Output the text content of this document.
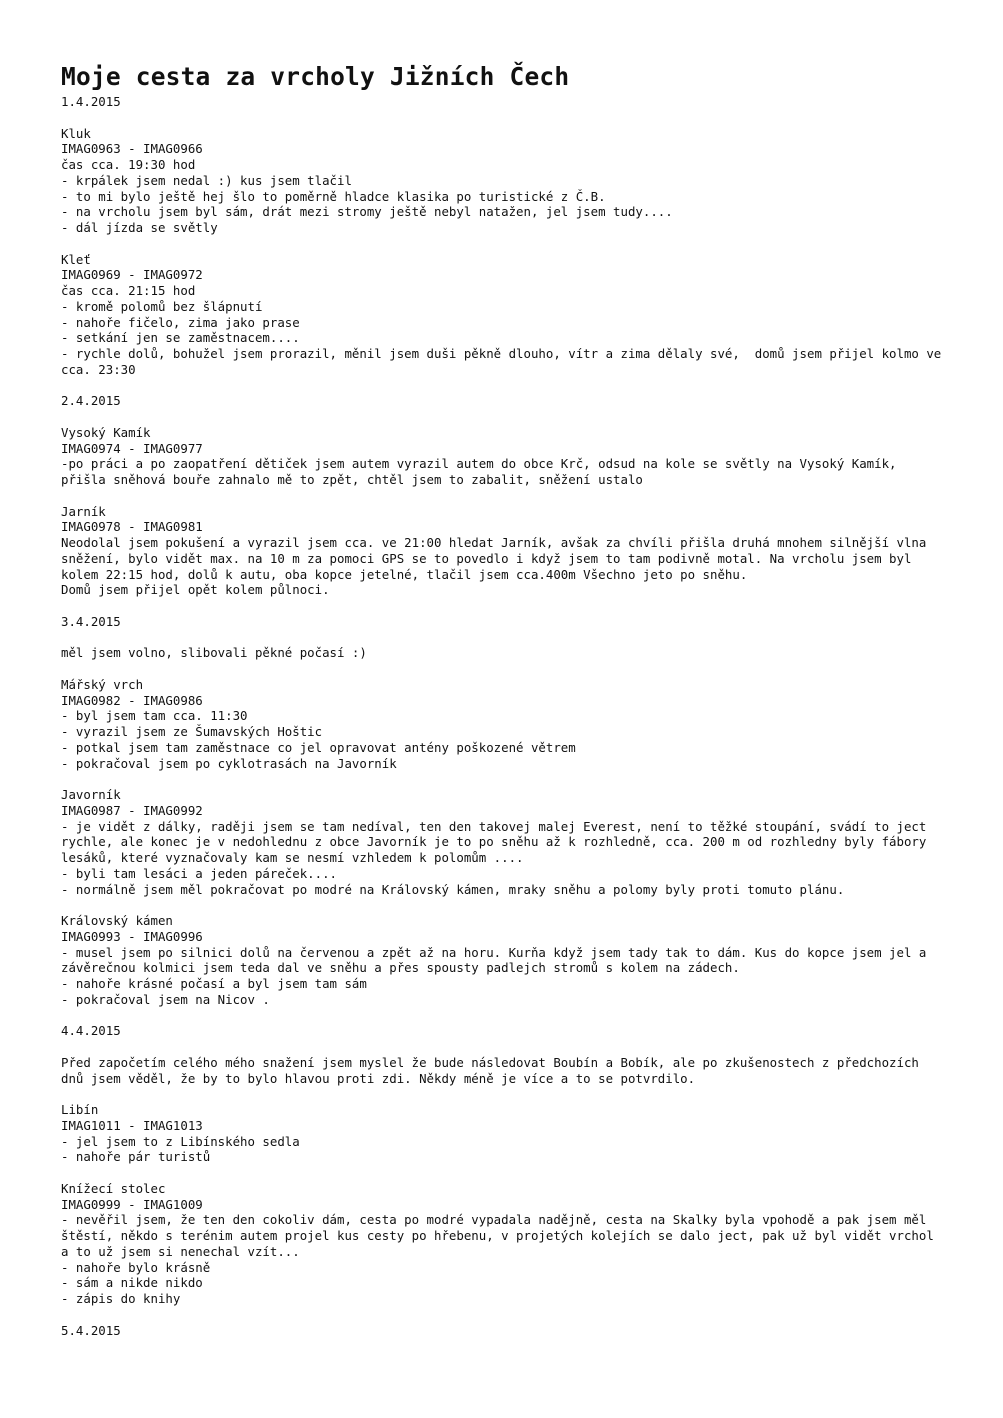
Moje cesta za vrcholy Jižních Čech
1.4.2015
Kluk
IMAG0963 - IMAG0966
čas cca. 19:30 hod
- krpálek jsem nedal :) kus jsem tlačil
- to mi bylo ještě hej šlo to poměrně hladce klasika po turistické z Č.B.
- na vrcholu jsem byl sám, drát mezi stromy ještě nebyl natažen, jel jsem tudy....
- dál jízda se světly
Kleť
IMAG0969 - IMAG0972
čas cca. 21:15 hod
- kromě polomů bez šlápnutí
- nahoře fičelo, zima jako prase
- setkání jen se zaměstnacem....
- rychle dolů, bohužel jsem prorazil, měnil jsem duši pěkně dlouho, vítr a zima dělaly své,  domů jsem přijel kolmo ve
cca. 23:30
2.4.2015
Vysoký Kamík
IMAG0974 - IMAG0977
-po práci a po zaopatření dětiček jsem autem vyrazil autem do obce Krč, odsud na kole se světly na Vysoký Kamík,
přišla sněhová bouře zahnalo mě to zpět, chtěl jsem to zabalit, sněžení ustalo
Jarník
IMAG0978 - IMAG0981
Neodolal jsem pokušení a vyrazil jsem cca. ve 21:00 hledat Jarník, avšak za chvíli přišla druhá mnohem silnější vlna
sněžení, bylo vidět max. na 10 m za pomoci GPS se to povedlo i když jsem to tam podivně motal. Na vrcholu jsem byl
kolem 22:15 hod, dolů k autu, oba kopce jetelné, tlačil jsem cca.400m Všechno jeto po sněhu.
Domů jsem přijel opět kolem půlnoci.
3.4.2015
měl jsem volno, slibovali pěkné počasí :)
Mářský vrch
IMAG0982 - IMAG0986
- byl jsem tam cca. 11:30
- vyrazil jsem ze Šumavských Hoštic
- potkal jsem tam zaměstnace co jel opravovat antény poškozené větrem
- pokračoval jsem po cyklotrasách na Javorník
Javorník
IMAG0987 - IMAG0992
- je vidět z dálky, raději jsem se tam nedíval, ten den takovej malej Everest, není to těžké stoupání, svádí to ject
rychle, ale konec je v nedohlednu z obce Javorník je to po sněhu až k rozhledně, cca. 200 m od rozhledny byly fábory
lesáků, které vyznačovaly kam se nesmí vzhledem k polomům ....
- byli tam lesáci a jeden páreček....
- normálně jsem měl pokračovat po modré na Královský kámen, mraky sněhu a polomy byly proti tomuto plánu.
Královský kámen
IMAG0993 - IMAG0996
- musel jsem po silnici dolů na červenou a zpět až na horu. Kurňa když jsem tady tak to dám. Kus do kopce jsem jel a
závěrečnou kolmici jsem teda dal ve sněhu a přes spousty padlejch stromů s kolem na zádech.
- nahoře krásné počasí a byl jsem tam sám
- pokračoval jsem na Nicov .
4.4.2015
Před započetím celého mého snažení jsem myslel že bude následovat Boubín a Bobík, ale po zkušenostech z předchozích
dnů jsem věděl, že by to bylo hlavou proti zdi. Někdy méně je více a to se potvrdilo.
Libín
IMAG1011 - IMAG1013
- jel jsem to z Libínského sedla
- nahoře pár turistů
Knížecí stolec
IMAG0999 - IMAG1009
- nevěřil jsem, že ten den cokoliv dám, cesta po modré vypadala nadějně, cesta na Skalky byla vpohodě a pak jsem měl
štěstí, někdo s terénim autem projel kus cesty po hřebenu, v projetých kolejích se dalo ject, pak už byl vidět vrchol
a to už jsem si nenechal vzít...
- nahoře bylo krásně
- sám a nikde nikdo
- zápis do knihy
5.4.2015
